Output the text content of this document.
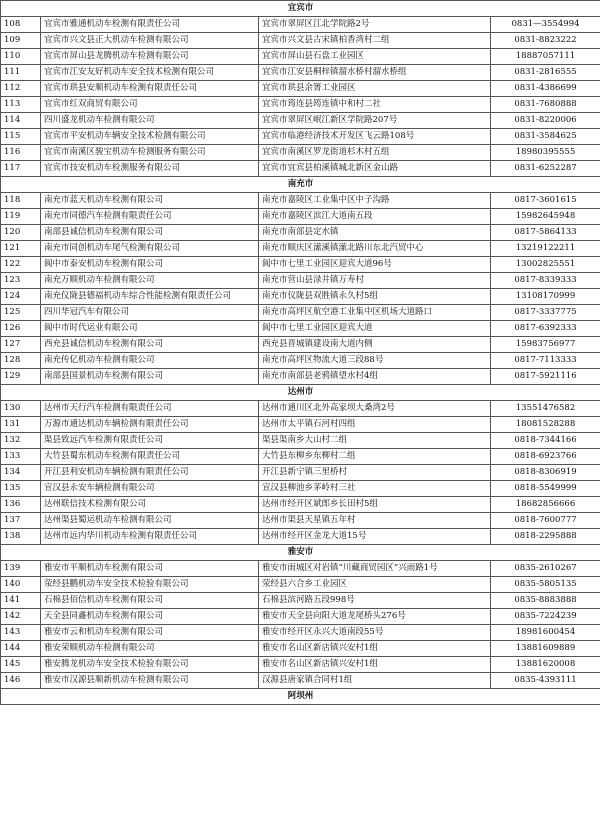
宜宾市			
108	宜宾市雅通机动车检测有限责任公司	宜宾市翠屏区江北学院路2号	0831—3554994
109	宜宾市兴文县正大机动车检测有限公司	宜宾市兴文县古宋镇柏香湾村二组	0831-8823222
110	宜宾市屏山县龙腾机动车检测有限公司	宜宾市屏山县石盘工业园区	18887057111
111	宜宾市江安友好机动车安全技术检测有限公司	宜宾市江安县桐梓镇溜水桥村溜水桥组	0831-2816555
112	宜宾市珙县安顺机动车检测有限责任公司	宜宾市珙县余箐工业园区	0831-4386699
113	宜宾市红双商贸有限公司	宜宾市筠连县筠连镇中和村二社	0831-7680888
114	四川盛龙机动车检测有限公司	宜宾市翠屏区岷江新区学院路207号	0831-8220006
115	宜宾市平安机动车辆安全技术检测有限公司	宜宾市临港经济技术开发区飞云路108号	0831-3584625
116	宜宾市南溪区骏宝机动车检测服务有限公司	宜宾市南溪区罗龙街道杉木村五组	18980395555
117	宜宾市技安机动车检测服务有限公司	宜宾市宜宾县柏溪镇城北新区金山路	0831-6252287
南充市			
118	南充市蓝天机动车检测有限公司	南充市嘉陵区工业集中区中子沟路	0817-3601615
119	南充市同德汽车检测有限责任公司	南充市嘉陵区滨江大道南五段	15982645948
120	南部县诚信机动车检测有限公司	南充市南部县定水镇	0817-5864133
121	南充市同创机动车尾气检测有限公司	南充市顺庆区潆溪镇潆北路川东北汽贸中心	13219122211
122	阆中市泰安机动车检测有限公司	阆中市七里工业园区迎宾大道96号	13002825551
123	南充万顺机动车检测有限公司	南充市营山县渌井镇万寿村	0817-8339333
124	南充仪陇县德福机动车综合性能检测有限责任公司	南充市仪陇县双胜镇永久村5组	13108170999
125	四川华冠汽车有限公司	南充市高坪区航空港工业集中区机场大道路口	0817-3337775
126	阆中市时代运业有限公司	阆中市七里工业园区迎宾大道	0817-6392333
127	西充县诚信机动车检测有限公司	西充县晋城镇建设南大道内侧	15983756977
128	南充传亿机动车检测有限公司	南充市高坪区物流大道三段88号	0817-7113333
129	南部县国景机动车检测有限公司	南充市南部县老鸦镇望水村4组	0817-5921116
达州市			
130	达州市天行汽车检测有限责任公司	达州市通川区北外高家坝大桑湾2号	13551476582
131	万源市通达机动车辆检测有限责任公司	达州市太平镇石河村四组	18081528288
132	渠县致远汽车检测有限责任公司	渠县渠南乡大山村二组	0818-7344166
133	大竹县蜀东机动车检测有限责任公司	大竹县东柳乡东柳村二组	0818-6923766
134	开江县利安机动车辆检测有限责任公司	开江县新宁镇三里桥村	0818-8306919
135	宣汉县永安车辆检测有限公司	宣汉县柳池乡茅岭村三社	0818-5549999
136	达州联信技术检测有限公司	达州市经开区斌郎乡长田村5组	18682856666
137	达州渠县蜀运机动车检测有限公司	达州市渠县天星镇五年村	0818-7600777
138	达州市远内华川机动车检测有限责任公司	达州市经开区金龙大道15号	0818-2295888
雅安市			
139	雅安市平顺机动车检测有限公司	雅安市雨城区对岩镇“川藏商贸园区”兴雨路1号	0835-2610267
140	荥经县鹏机动车安全技术检验有限公司	荥经县六合乡工业园区	0835-5805135
141	石棉县佰信机动车检测有限公司	石棉县滨河路五段998号	0835-8883888
142	天全县同鑫机动车检测有限公司	雅安市天全县向阳大道龙尾桥头276号	0835-7224239
143	雅安市云和机动车检测有限公司	雅安市经开区永兴大道南段55号	18981600454
144	雅安荣顺机动车检测有限公司	雅安市名山区新店镇兴安村1组	13881609889
145	雅安腾龙机动车安全技术检验有限公司	雅安市名山区新店镇兴安村1组	13881620008
146	雅安市汉源县顺新机动车检测有限公司	汉源县唐家镇合同村1组	0835-4393111
阿坝州			
